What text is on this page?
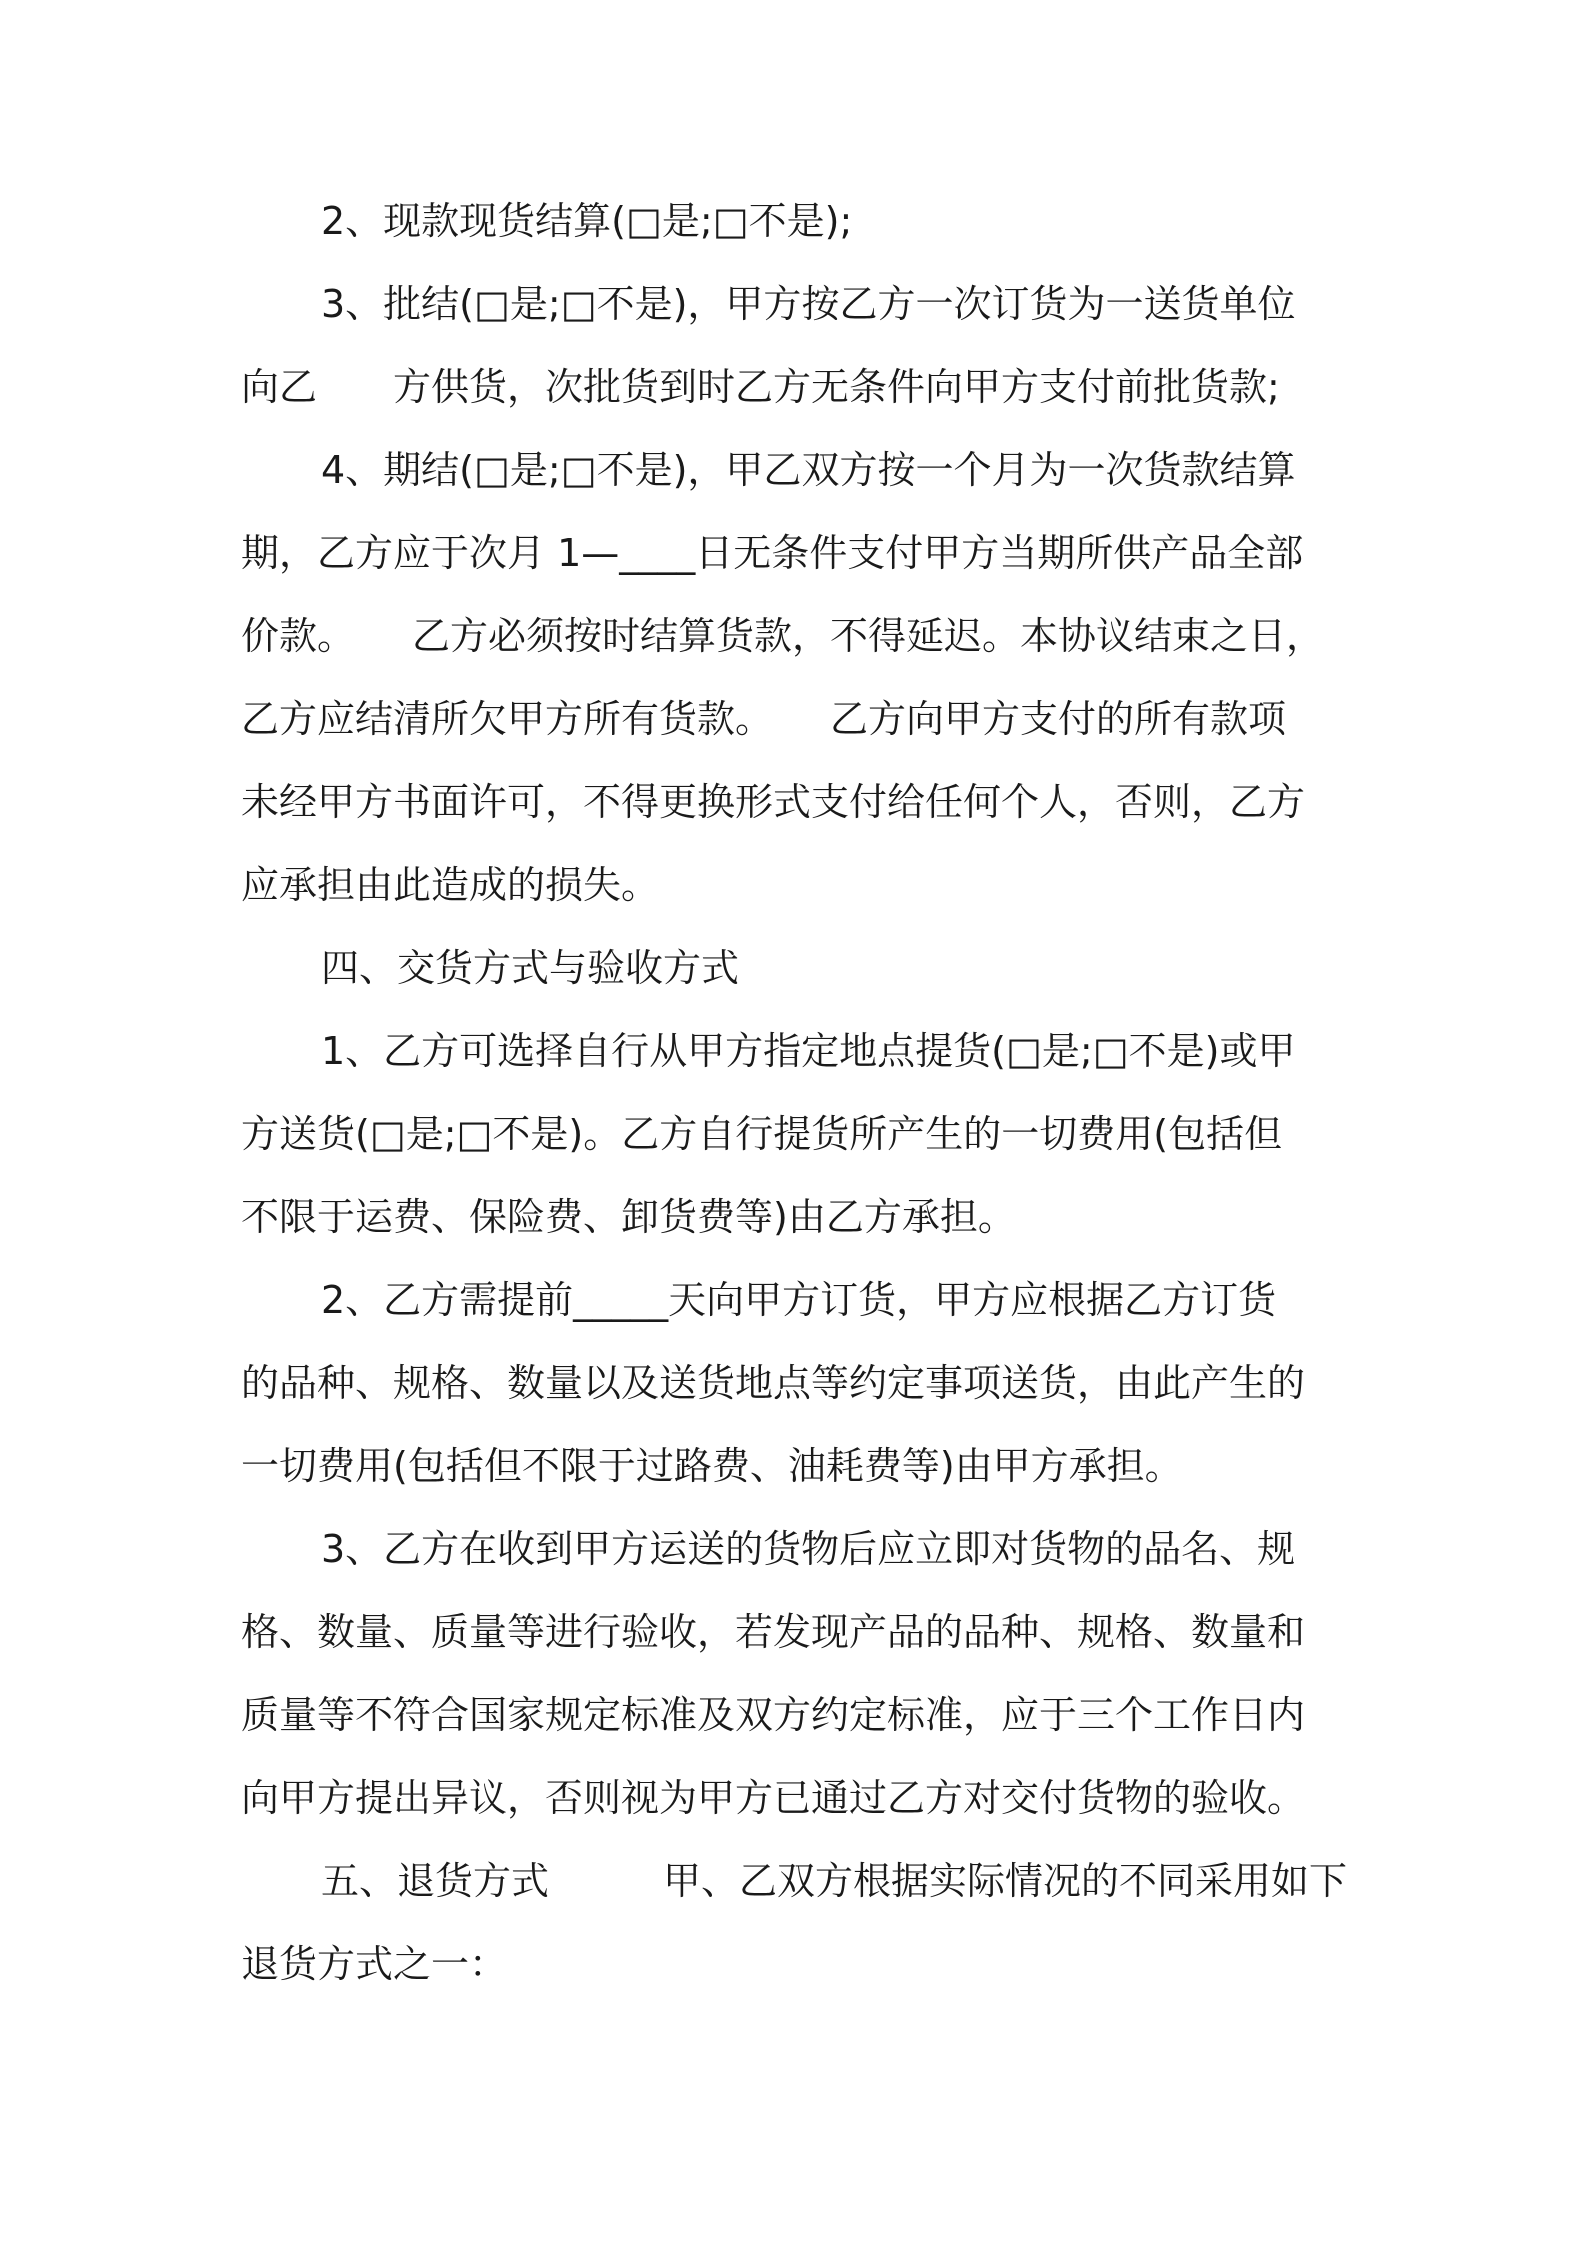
2、现款现货结算(□是;□不是);
3、批结(□是;□不是)，甲方按乙方一次订货为一送货单位
向乙　　方供货，次批货到时乙方无条件向甲方支付前批货款;
4、期结(□是;□不是)，甲乙双方按一个月为一次货款结算
期，乙方应于次月 1—____日无条件支付甲方当期所供产品全部
价款。　　乙方必须按时结算货款，不得延迟。本协议结束之日，
乙方应结清所欠甲方所有货款。　　乙方向甲方支付的所有款项
未经甲方书面许可，不得更换形式支付给任何个人，否则，乙方
应承担由此造成的损失。
四、交货方式与验收方式
1、乙方可选择自行从甲方指定地点提货(□是;□不是)或甲
方送货(□是;□不是)。乙方自行提货所产生的一切费用(包括但
不限于运费、保险费、卸货费等)由乙方承担。
2、乙方需提前_____天向甲方订货，甲方应根据乙方订货
的品种、规格、数量以及送货地点等约定事项送货，由此产生的
一切费用(包括但不限于过路费、油耗费等)由甲方承担。
3、乙方在收到甲方运送的货物后应立即对货物的品名、规
格、数量、质量等进行验收，若发现产品的品种、规格、数量和
质量等不符合国家规定标准及双方约定标准，应于三个工作日内
向甲方提出异议，否则视为甲方已通过乙方对交付货物的验收。
五、退货方式　　　甲、乙双方根据实际情况的不同采用如下
退货方式之一：
